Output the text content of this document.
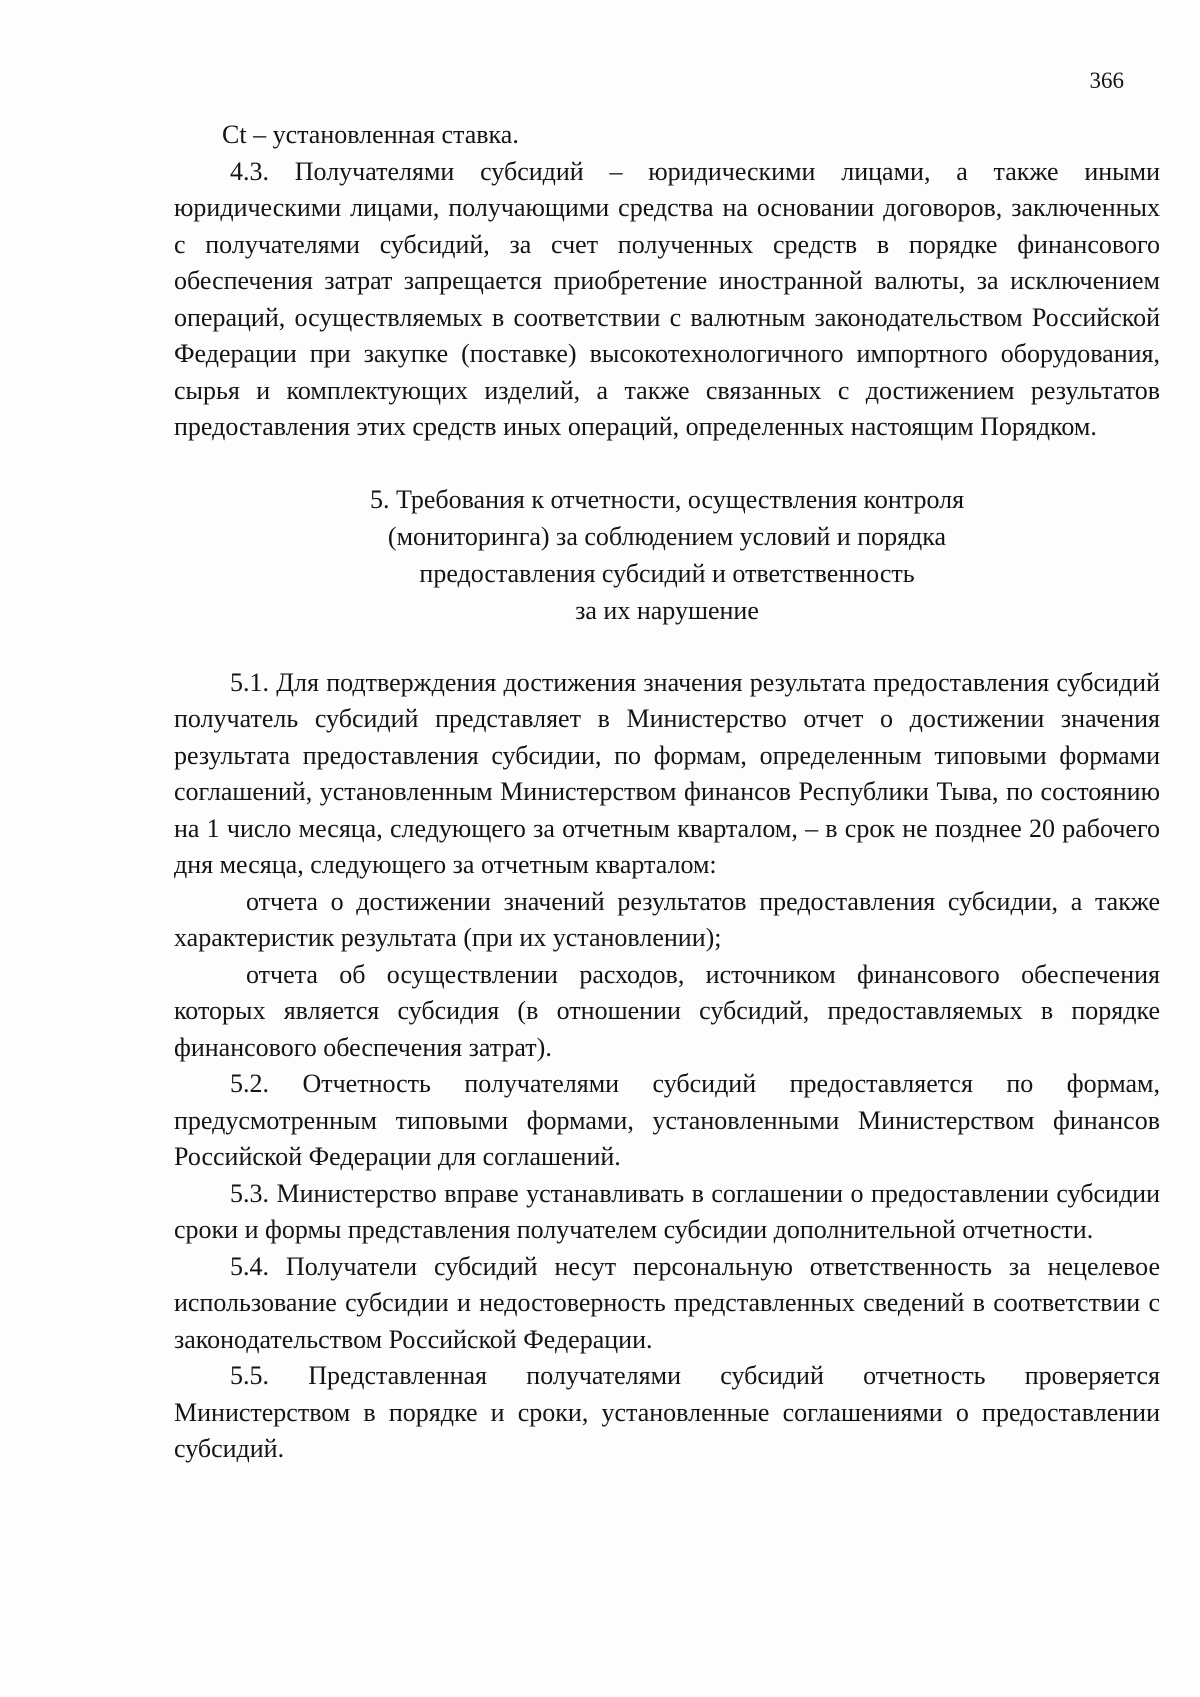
366

Ct – установленная ставка.

4.3. Получателями субсидий – юридическими лицами, а также иными юридическими лицами, получающими средства на основании договоров, заключенных с получателями субсидий, за счет полученных средств в порядке финансового обеспечения затрат запрещается приобретение иностранной валюты, за исключением операций, осуществляемых в соответствии с валютным законодательством Российской Федерации при закупке (поставке) высокотехнологичного импортного оборудования, сырья и комплектующих изделий, а также связанных с достижением результатов предоставления этих средств иных операций, определенных настоящим Порядком.

5. Требования к отчетности, осуществления контроля
(мониторинга) за соблюдением условий и порядка
предоставления субсидий и ответственность
за их нарушение

5.1. Для подтверждения достижения значения результата предоставления субсидий получатель субсидий представляет в Министерство отчет о достижении значения результата предоставления субсидии, по формам, определенным типовыми формами соглашений, установленным Министерством финансов Республики Тыва, по состоянию на 1 число месяца, следующего за отчетным кварталом, – в срок не позднее 20 рабочего дня месяца, следующего за отчетным кварталом:

отчета о достижении значений результатов предоставления субсидии, а также характеристик результата (при их установлении);

отчета об осуществлении расходов, источником финансового обеспечения которых является субсидия (в отношении субсидий, предоставляемых в порядке финансового обеспечения затрат).

5.2. Отчетность получателями субсидий предоставляется по формам, предусмотренным типовыми формами, установленными Министерством финансов Российской Федерации для соглашений.

5.3. Министерство вправе устанавливать в соглашении о предоставлении субсидии сроки и формы представления получателем субсидии дополнительной отчетности.

5.4. Получатели субсидий несут персональную ответственность за нецелевое использование субсидии и недостоверность представленных сведений в соответствии с законодательством Российской Федерации.

5.5. Представленная получателями субсидий отчетность проверяется Министерством в порядке и сроки, установленные соглашениями о предоставлении субсидий.
